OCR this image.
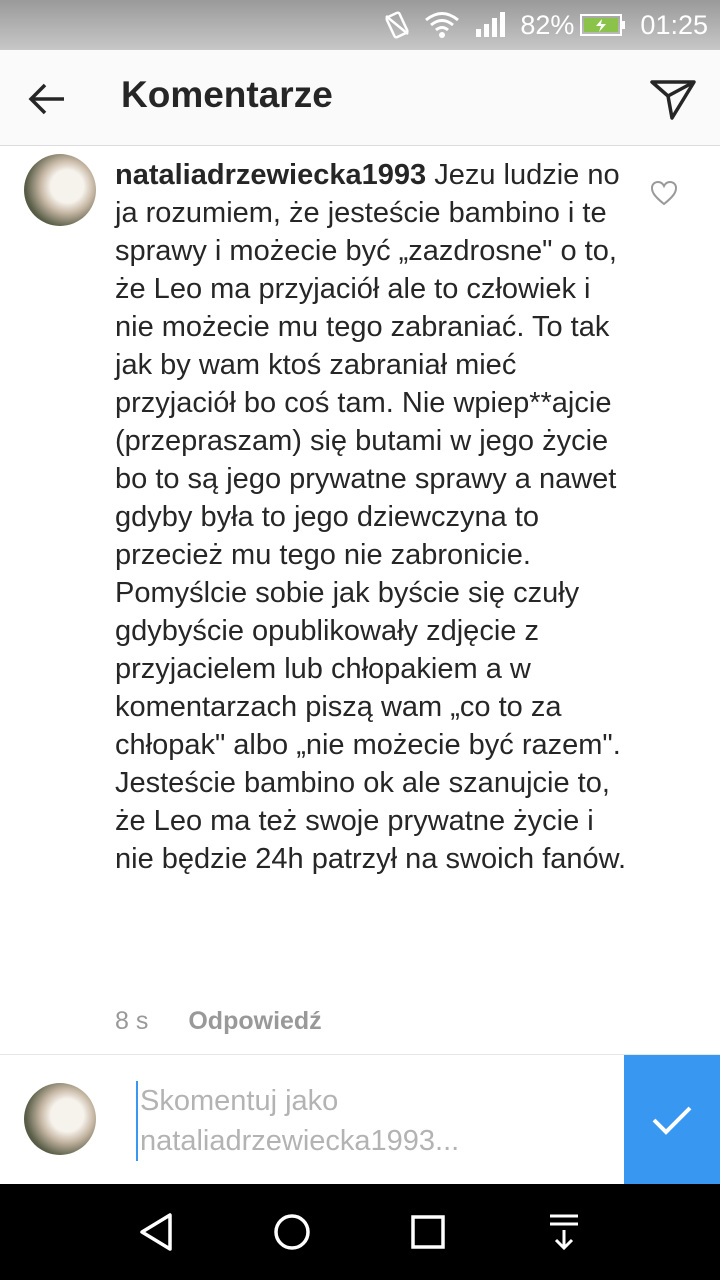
82% 01:25
Komentarze
nataliadrzewiecka1993 Jezu ludzie no ja rozumiem, że jesteście bambino i te sprawy i możecie być „zazdrosne" o to, że Leo ma przyjaciół ale to człowiek i nie możecie mu tego zabraniać. To tak jak by wam ktoś zabraniał mieć przyjaciół bo coś tam. Nie wpiep**ajcie (przepraszam) się butami w jego życie bo to są jego prywatne sprawy a nawet gdyby była to jego dziewczyna to przecież mu tego nie zabronicie. Pomyślcie sobie jak byście się czuły gdybyście opublikowały zdjęcie z przyjacielem lub chłopakiem a w komentarzach piszą wam „co to za chłopak" albo „nie możecie być razem". Jesteście bambino ok ale szanujcie to, że Leo ma też swoje prywatne życie i nie będzie 24h patrzył na swoich fanów.
8 s Odpowiedź
Skomentuj jako nataliadrzewiecka1993...
